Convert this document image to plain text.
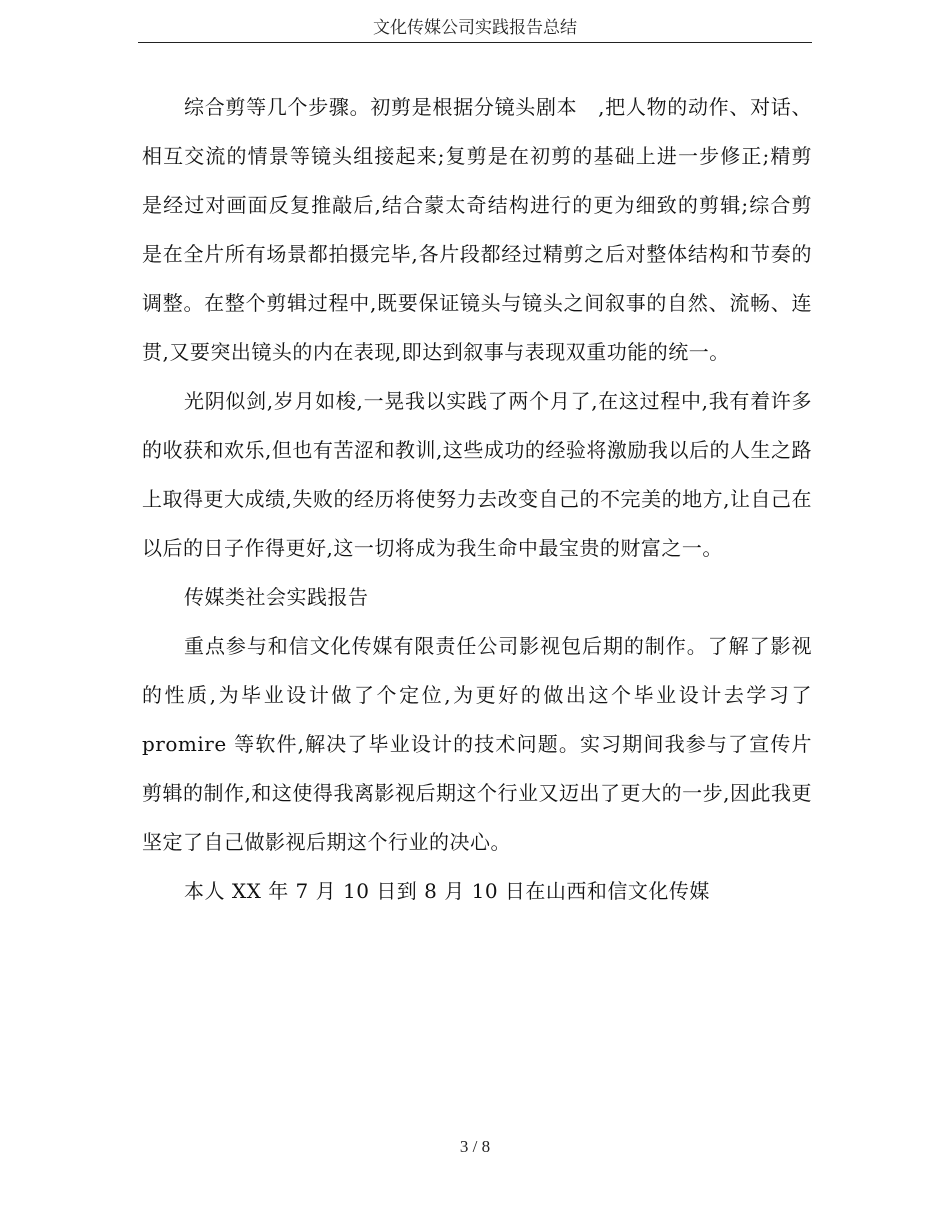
文化传媒公司实践报告总结

综合剪等几个步骤。初剪是根据分镜头剧本　,把人物的动作、对话、相互交流的情景等镜头组接起来;复剪是在初剪的基础上进一步修正;精剪是经过对画面反复推敲后,结合蒙太奇结构进行的更为细致的剪辑;综合剪是在全片所有场景都拍摄完毕,各片段都经过精剪之后对整体结构和节奏的调整。在整个剪辑过程中,既要保证镜头与镜头之间叙事的自然、流畅、连贯,又要突出镜头的内在表现,即达到叙事与表现双重功能的统一。

光阴似剑,岁月如梭,一晃我以实践了两个月了,在这过程中,我有着许多的收获和欢乐,但也有苦涩和教训,这些成功的经验将激励我以后的人生之路上取得更大成绩,失败的经历将使努力去改变自己的不完美的地方,让自己在以后的日子作得更好,这一切将成为我生命中最宝贵的财富之一。

传媒类社会实践报告

重点参与和信文化传媒有限责任公司影视包后期的制作。了解了影视的性质,为毕业设计做了个定位,为更好的做出这个毕业设计去学习了 promire 等软件,解决了毕业设计的技术问题。实习期间我参与了宣传片剪辑的制作,和这使得我离影视后期这个行业又迈出了更大的一步,因此我更坚定了自己做影视后期这个行业的决心。

本人 XX 年 7 月 10 日到 8 月 10 日在山西和信文化传媒

3 / 8
